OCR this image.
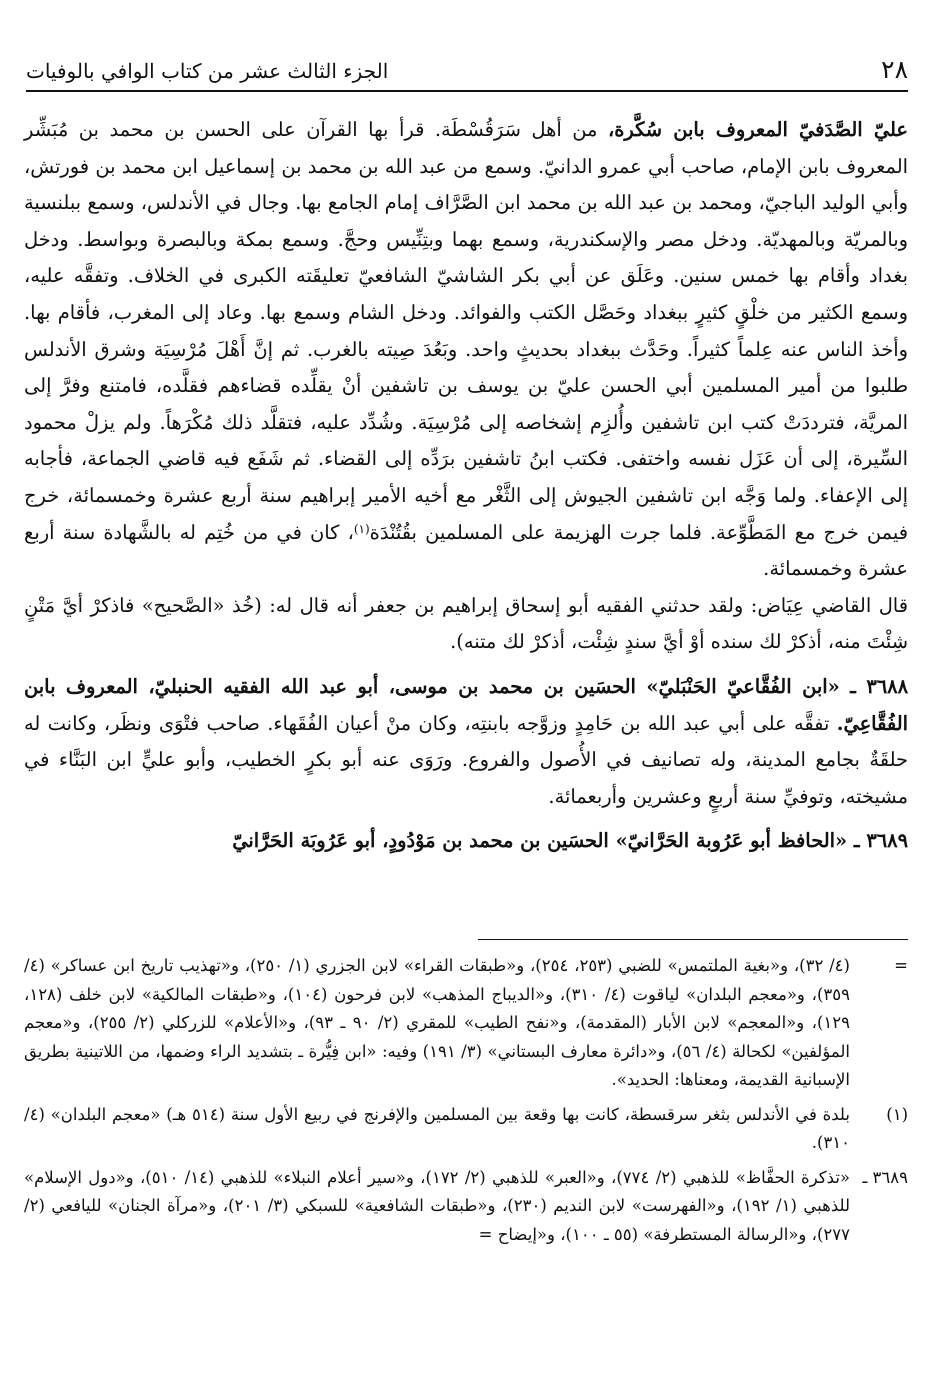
٢٨
الجزء الثالث عشر من كتاب الوافي بالوفيات

عليّ الصَّدَفيّ المعروف بابن سُكَّرة، من أهل سَرَقُسْطَة. قرأ بها القرآن على الحسن بن محمد بن مُبَشِّر المعروف بابن الإمام، صاحب أبي عمرو الدانيّ. وسمع من عبد الله بن محمد بن إسماعيل ابن محمد بن فورتش، وأبي الوليد الباجيّ، ومحمد بن عبد الله بن محمد ابن الصَّرَّاف إمام الجامع بها. وجال في الأندلس، وسمع ببلنسية وبالمريّة وبالمهديّة. ودخل مصر والإسكندرية، وسمع بهما وبتِنِّيس وحجَّ. وسمع بمكة وبالبصرة وبواسط. ودخل بغداد وأقام بها خمس سنين. وعَلَق عن أبي بكر الشاشيّ الشافعيّ تعليقَته الكبرى في الخلاف. وتفقَّه عليه، وسمع الكثير من خلْقٍ كثيرٍ ببغداد وحَصَّل الكتب والفوائد. ودخل الشام وسمع بها. وعاد إلى المغرب، فأقام بها. وأخذ الناس عنه عِلماً كثيراً. وحَدَّث ببغداد بحديثٍ واحد. وبَعُدَ صِيته بالغرب. ثم إنَّ أَهْلَ مُرْسِيَة وشرق الأندلس طلبوا من أمير المسلمين أبي الحسن عليّ بن يوسف بن تاشفين أنْ يقلِّده قضاءهم فقلَّده، فامتنع وفرَّ إلى المريَّة، فترددَتْ كتب ابن تاشفين وأُلزِم إشخاصه إلى مُرْسِيَة. وشُدِّد عليه، فتقلَّد ذلك مُكْرَهاً. ولم يزلْ محمود السِّيرة، إلى أن عَزَل نفسه واختفى. فكتب ابنُ تاشفين برَدِّه إلى القضاء. ثم شَفَع فيه قاضي الجماعة، فأجابه إلى الإعفاء. ولما وَجَّه ابن تاشفين الجيوش إلى الثَّغْر مع أخيه الأمير إبراهيم سنة أربع عشرة وخمسمائة، خرج فيمن خرج مع المَطَّوِّعة. فلما جرت الهزيمة على المسلمين بقُتُنْدَة$^{(١)}$، كان في من خُتِم له بالشَّهادة سنة أربع عشرة وخمسمائة.

قال القاضي عِيَاض: ولقد حدثني الفقيه أبو إسحاق إبراهيم بن جعفر أنه قال له: (خُذ «الصَّحيح» فاذكرْ أيَّ مَتْنٍ شِئْتَ منه، أذكرْ لك سنده أوْ أيَّ سندٍ شِئْت، أذكرْ لك متنه).

٣٦٨٨ ـ «ابن الفُقَّاعيّ الحَنْبَليّ» الحسَين بن محمد بن موسى، أبو عبد الله الفقيه الحنبليّ، المعروف بابن الفُقَّاعِيّ. تفقَّه على أبي عبد الله بن حَامِدٍ وزوَّجه بابنتِه، وكان منْ أعيان الفُقَهاء. صاحب فتْوَى ونظَر، وكانت له حلقَةٌ بجامع المدينة، وله تصانيف في الأُصول والفروع. ورَوَى عنه أبو بكرٍ الخطيب، وأبو عليٍّ ابن البَنَّاء في مشيخته، وتوفيِّ سنة أربعٍ وعشرين وأربعمائة.

٣٦٨٩ ـ «الحافظ أبو عَرُوبة الحَرَّانيّ» الحسَين بن محمد بن مَوْدُودٍ، أبو عَرُوبَة الحَرَّانيّ

=
(٤/ ٣٢)، و«بغية الملتمس» للضبي (٢٥٣، ٢٥٤)، و«طبقات القراء» لابن الجزري (١/ ٢٥٠)، و«تهذيب تاريخ ابن عساكر» (٤/ ٣٥٩)، و«معجم البلدان» لياقوت (٤/ ٣١٠)، و«الديباج المذهب» لابن فرحون (١٠٤)، و«طبقات المالكية» لابن خلف (١٢٨، ١٢٩)، و«المعجم» لابن الأبار (المقدمة)، و«نفح الطيب» للمقري (٢/ ٩٠ ـ ٩٣)، و«الأعلام» للزركلي (٢/ ٢٥٥)، و«معجم المؤلفين» لكحالة (٤/ ٥٦)، و«دائرة معارف البستاني» (٣/ ١٩١) وفيه: «ابن فِيُّرة ـ بتشديد الراء وضمها، من اللاتينية بطريق الإسبانية القديمة، ومعناها: الحديد».
(١)
بلدة في الأندلس بثغر سرقسطة، كانت بها وقعة بين المسلمين والإفرنج في ربيع الأول سنة (٥١٤ هـ) «معجم البلدان» (٤/ ٣١٠).
٣٦٨٩ ـ
«تذكرة الحفَّاظ» للذهبي (٢/ ٧٧٤)، و«العبر» للذهبي (٢/ ١٧٢)، و«سير أعلام النبلاء» للذهبي (١٤/ ٥١٠)، و«دول الإسلام» للذهبي (١/ ١٩٢)، و«الفهرست» لابن النديم (٢٣٠)، و«طبقات الشافعية» للسبكي (٣/ ٢٠١)، و«مرآة الجنان» لليافعي (٢/ ٢٧٧)، و«الرسالة المستطرفة» (٥٥ ـ ١٠٠)، و«إيضاح =
